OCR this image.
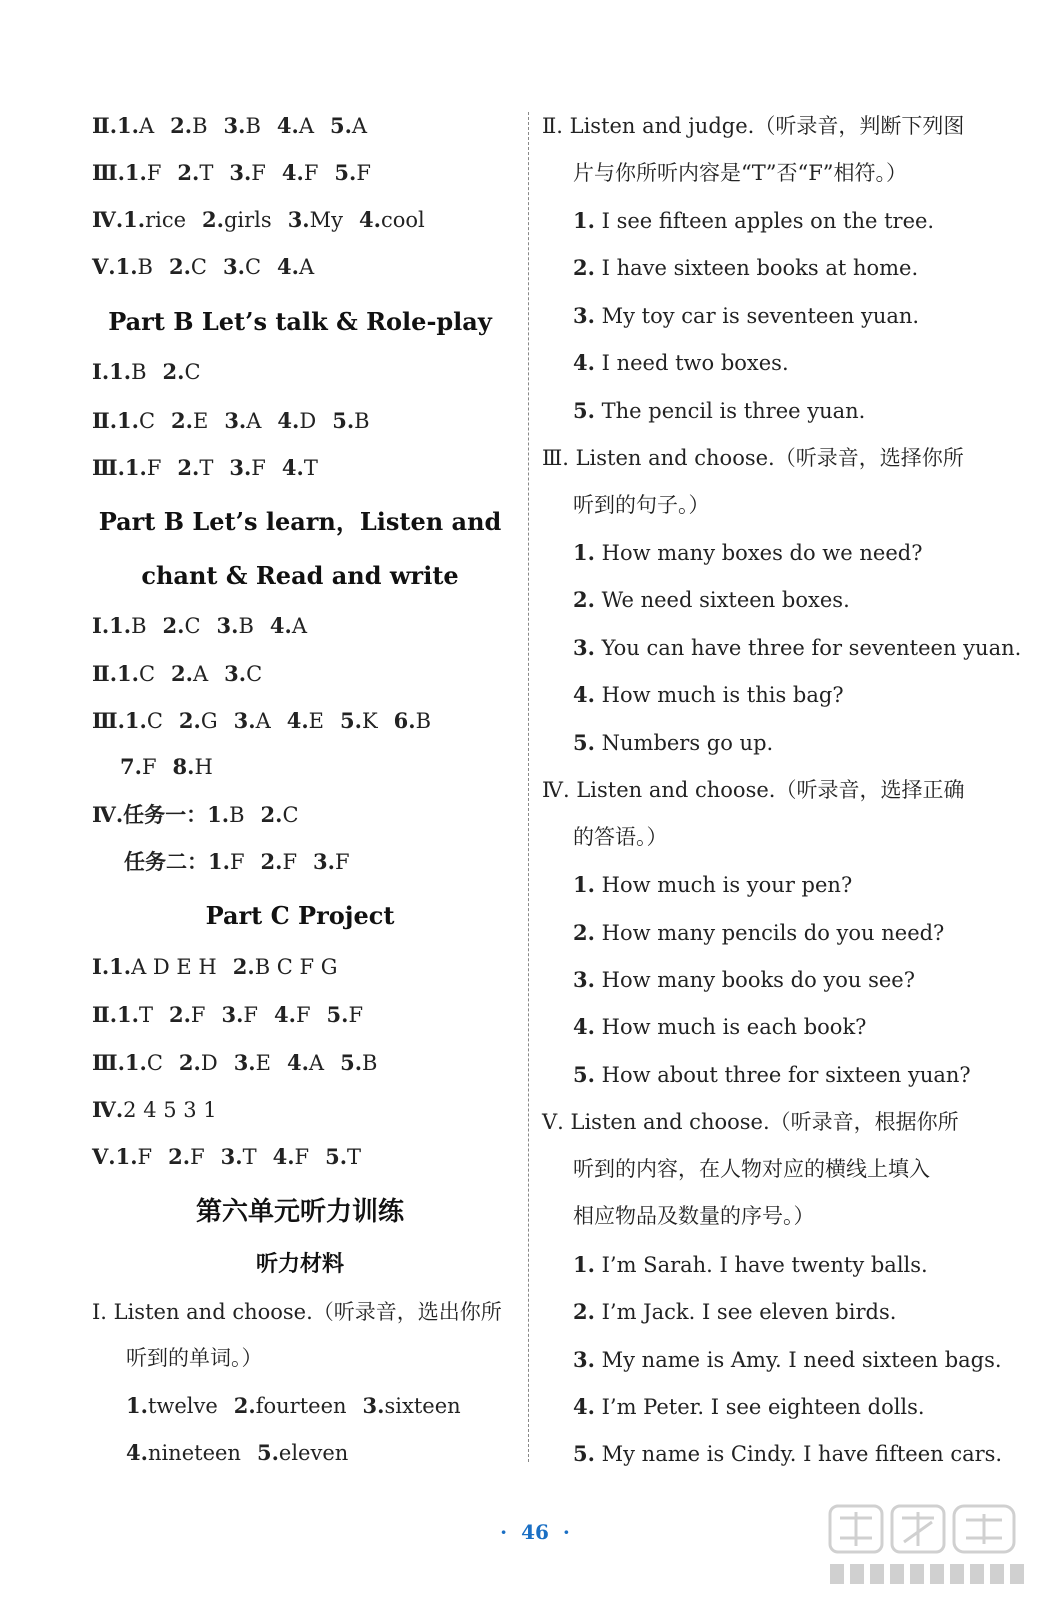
Ⅱ.1.A 2.B 3.B 4.A 5.A
Ⅲ.1.F 2.T 3.F 4.F 5.F
Ⅳ.1.rice 2.girls 3.My 4.cool
Ⅴ.1.B 2.C 3.C 4.A
Part B Let’s talk & Role-play
Ⅰ.1.B 2.C
Ⅱ.1.C 2.E 3.A 4.D 5.B
Ⅲ.1.F 2.T 3.F 4.T
Part B Let’s learn，Listen and
chant & Read and write
Ⅰ.1.B 2.C 3.B 4.A
Ⅱ.1.C 2.A 3.C
Ⅲ.1.C 2.G 3.A 4.E 5.K 6.B
7.F 8.H
Ⅳ.任务一：1.B 2.C
任务二：1.F 2.F 3.F
Part C Project
Ⅰ.1.A D E H 2.B C F G
Ⅱ.1.T 2.F 3.F 4.F 5.F
Ⅲ.1.C 2.D 3.E 4.A 5.B
Ⅳ.2 4 5 3 1
Ⅴ.1.F 2.F 3.T 4.F 5.T
第六单元听力训练
听力材料
Ⅰ. Listen and choose.（听录音，选出你所
听到的单词。）
1.twelve 2.fourteen 3.sixteen
4.nineteen 5.eleven
Ⅱ. Listen and judge.（听录音，判断下列图
片与你所听内容是“T”否“F”相符。）
1. I see fifteen apples on the tree.
2. I have sixteen books at home.
3. My toy car is seventeen yuan.
4. I need two boxes.
5. The pencil is three yuan.
Ⅲ. Listen and choose.（听录音，选择你所
听到的句子。）
1. How many boxes do we need?
2. We need sixteen boxes.
3. You can have three for seventeen yuan.
4. How much is this bag?
5. Numbers go up.
Ⅳ. Listen and choose.（听录音，选择正确
的答语。）
1. How much is your pen?
2. How many pencils do you need?
3. How many books do you see?
4. How much is each book?
5. How about three for sixteen yuan?
Ⅴ. Listen and choose.（听录音，根据你所
听到的内容，在人物对应的横线上填入
相应物品及数量的序号。）
1. I’m Sarah. I have twenty balls.
2. I’m Jack. I see eleven birds.
3. My name is Amy. I need sixteen bags.
4. I’m Peter. I see eighteen dolls.
5. My name is Cindy. I have fifteen cars.
· 46 ·
